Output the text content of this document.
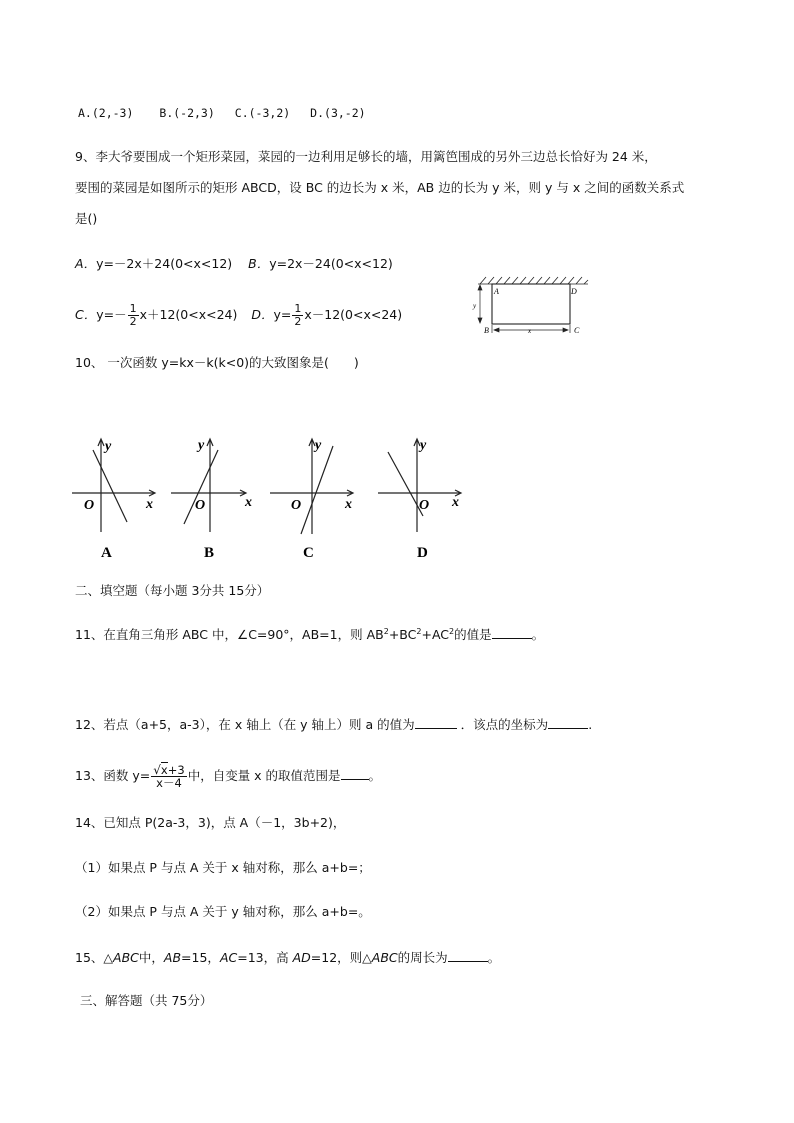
A.(2,-3) B.(-2,3) C.(-3,2) D.(3,-2)
9、李大爷要围成一个矩形菜园，菜园的一边利用足够长的墙，用篱笆围成的另外三边总长恰好为 24 米，
要围的菜园是如图所示的矩形 ABCD，设 BC 的边长为 x 米，AB 边的长为 y 米，则 y 与 x 之间的函数关系式
是()
A．y=－2x＋24(0<x<12) B．y=2x－24(0<x<12)
C．$y=- \frac{1}{2} x+12(0<x<24)$ D．$y= \frac{1}{2} x-12(0<x<24)$
A	D
B	C
y
x
10、 一次函数 y=kx－k(k<0)的大致图象是(　　)
y
O	x
A
y
O	x
B
y
O	x
C
y
O x
D
二、填空题（每小题 3分共 15分）
11、在直角三角形 ABC 中，∠C=90°，AB=1，则 $AB^2+BC^2+AC^2$的值是	。
12、若点（a+5，a-3），在 x 轴上（在 y 轴上）则 a 的值为	．该点的坐标为	.
13、函数 $y= \frac{√x+3}{x-4}$ 中，自变量 x 的取值范围是 。
14、已知点 P(2a-3，3)，点 A（－1，3b+2)，
（1）如果点 P 与点 A 关于 x 轴对称，那么 a+b=；
（2）如果点 P 与点 A 关于 y 轴对称，那么 a+b=。
15、△ABC中，AB=15，AC=13，高 AD=12，则△ABC的周长为	。
三、解答题（共 75分）
